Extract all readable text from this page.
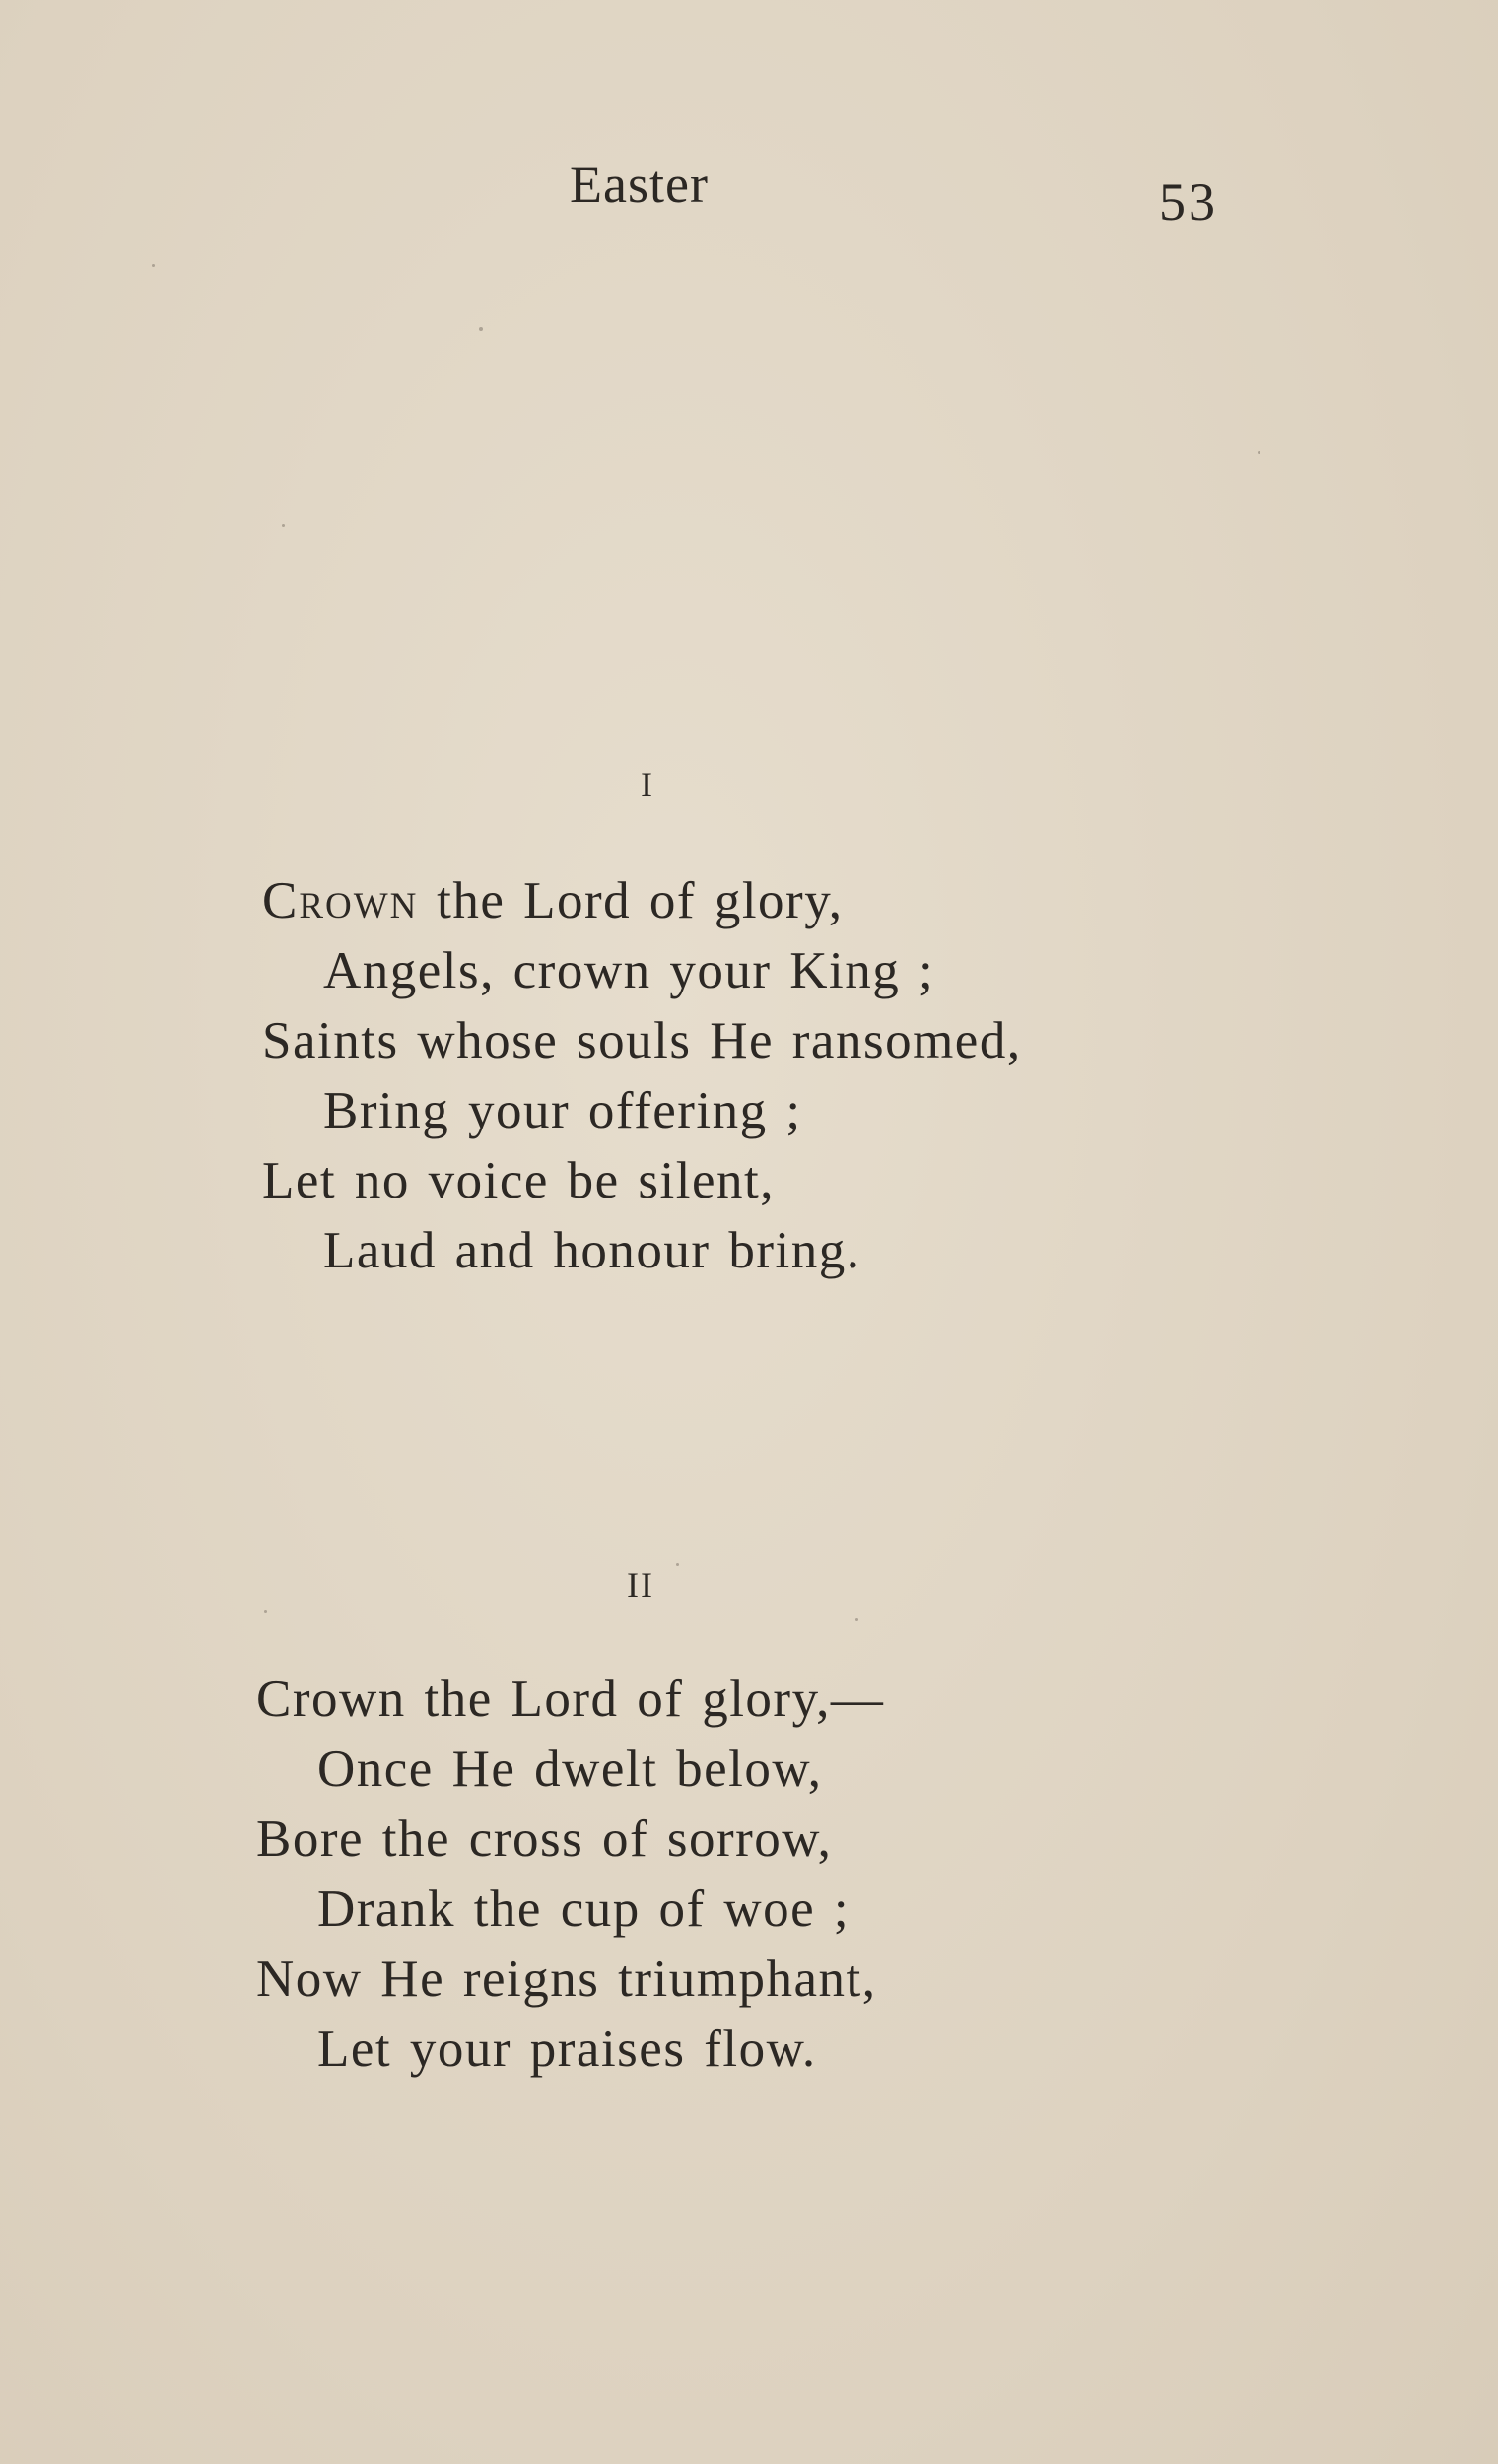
Easter	53
I
Crown the Lord of glory,
Angels, crown your King ;
Saints whose souls He ransomed,
Bring your offering ;
Let no voice be silent,
Laud and honour bring.
II
Crown the Lord of glory,—
Once He dwelt below,
Bore the cross of sorrow,
Drank the cup of woe ;
Now He reigns triumphant,
Let your praises flow.
